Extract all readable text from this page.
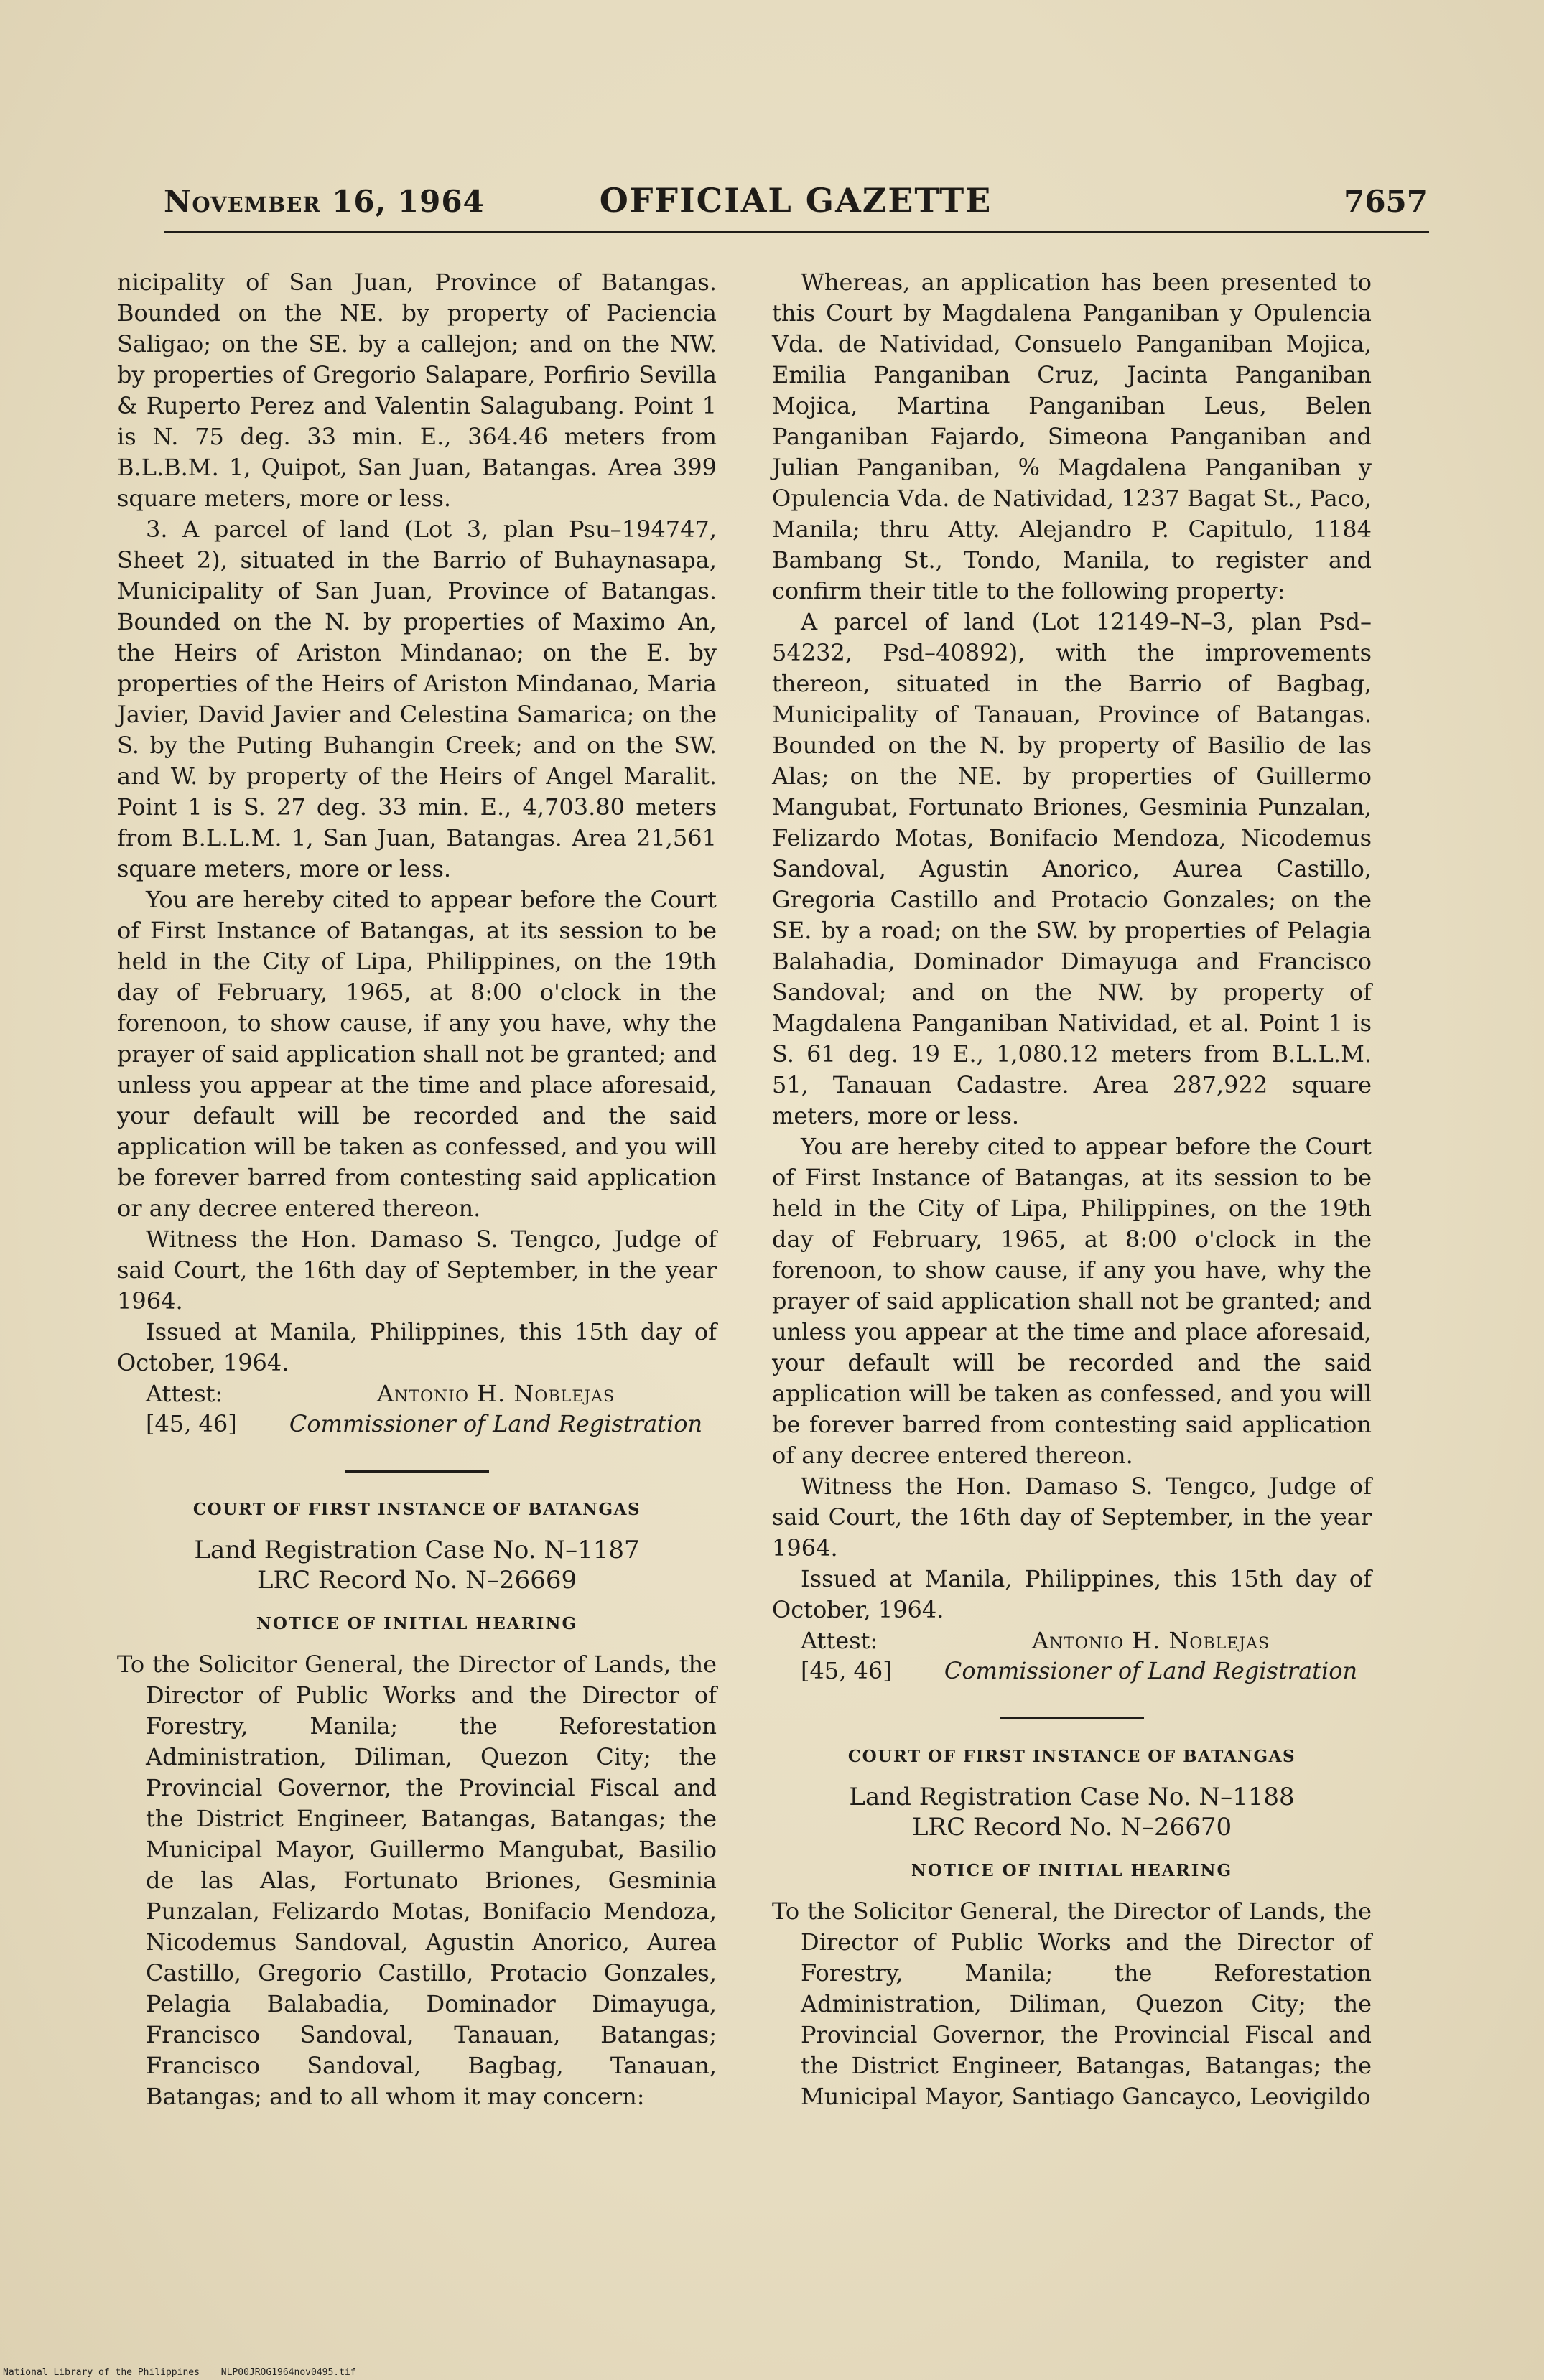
November 16, 1964	OFFICIAL GAZETTE	7657

nicipality of San Juan, Province of Batangas. Bounded on the NE. by property of Paciencia Saligao; on the SE. by a callejon; and on the NW. by properties of Gregorio Salapare, Porfirio Sevilla & Ruperto Perez and Valentin Salagubang. Point 1 is N. 75 deg. 33 min. E., 364.46 meters from B.L.B.M. 1, Quipot, San Juan, Batangas. Area 399 square meters, more or less.

3. A parcel of land (Lot 3, plan Psu–194747, Sheet 2), situated in the Barrio of Buhaynasapa, Municipality of San Juan, Province of Batangas. Bounded on the N. by properties of Maximo An, the Heirs of Ariston Mindanao; on the E. by properties of the Heirs of Ariston Mindanao, Maria Javier, David Javier and Celestina Samarica; on the S. by the Puting Buhangin Creek; and on the SW. and W. by property of the Heirs of Angel Maralit. Point 1 is S. 27 deg. 33 min. E., 4,703.80 meters from B.L.L.M. 1, San Juan, Batangas. Area 21,561 square meters, more or less.

You are hereby cited to appear before the Court of First Instance of Batangas, at its session to be held in the City of Lipa, Philippines, on the 19th day of February, 1965, at 8:00 o'clock in the forenoon, to show cause, if any you have, why the prayer of said application shall not be granted; and unless you appear at the time and place aforesaid, your default will be recorded and the said application will be taken as confessed, and you will be forever barred from contesting said application or any decree entered thereon.

Witness the Hon. Damaso S. Tengco, Judge of said Court, the 16th day of September, in the year 1964.

Issued at Manila, Philippines, this 15th day of October, 1964.

Attest:	Antonio H. Noblejas
[45, 46]	Commissioner of Land Registration
COURT OF FIRST INSTANCE OF BATANGAS
Land Registration Case No. N–1187
LRC Record No. N–26669
NOTICE OF INITIAL HEARING

To the Solicitor General, the Director of Lands, the Director of Public Works and the Director of Forestry, Manila; the Reforestation Administration, Diliman, Quezon City; the Provincial Governor, the Provincial Fiscal and the District Engineer, Batangas, Batangas; the Municipal Mayor, Guillermo Mangubat, Basilio de las Alas, Fortunato Briones, Gesminia Punzalan, Felizardo Motas, Bonifacio Mendoza, Nicodemus Sandoval, Agustin Anorico, Aurea Castillo, Gregorio Castillo, Protacio Gonzales, Pelagia Balabadia, Dominador Dimayuga, Francisco Sandoval, Tanauan, Batangas; Francisco Sandoval, Bagbag, Tanauan, Batangas; and to all whom it may concern:

Whereas, an application has been presented to this Court by Magdalena Panganiban y Opulencia Vda. de Natividad, Consuelo Panganiban Mojica, Emilia Panganiban Cruz, Jacinta Panganiban Mojica, Martina Panganiban Leus, Belen Panganiban Fajardo, Simeona Panganiban and Julian Panganiban, % Magdalena Panganiban y Opulencia Vda. de Natividad, 1237 Bagat St., Paco, Manila; thru Atty. Alejandro P. Capitulo, 1184 Bambang St., Tondo, Manila, to register and confirm their title to the following property:

A parcel of land (Lot 12149–N–3, plan Psd–54232, Psd–40892), with the improvements thereon, situated in the Barrio of Bagbag, Municipality of Tanauan, Province of Batangas. Bounded on the N. by property of Basilio de las Alas; on the NE. by properties of Guillermo Mangubat, Fortunato Briones, Gesminia Punzalan, Felizardo Motas, Bonifacio Mendoza, Nicodemus Sandoval, Agustin Anorico, Aurea Castillo, Gregoria Castillo and Protacio Gonzales; on the SE. by a road; on the SW. by properties of Pelagia Balahadia, Dominador Dimayuga and Francisco Sandoval; and on the NW. by property of Magdalena Panganiban Natividad, et al. Point 1 is S. 61 deg. 19 E., 1,080.12 meters from B.L.L.M. 51, Tanauan Cadastre. Area 287,922 square meters, more or less.

You are hereby cited to appear before the Court of First Instance of Batangas, at its session to be held in the City of Lipa, Philippines, on the 19th day of February, 1965, at 8:00 o'clock in the forenoon, to show cause, if any you have, why the prayer of said application shall not be granted; and unless you appear at the time and place aforesaid, your default will be recorded and the said application will be taken as confessed, and you will be forever barred from contesting said application of any decree entered thereon.

Witness the Hon. Damaso S. Tengco, Judge of said Court, the 16th day of September, in the year 1964.

Issued at Manila, Philippines, this 15th day of October, 1964.

Attest:	Antonio H. Noblejas
[45, 46]	Commissioner of Land Registration
COURT OF FIRST INSTANCE OF BATANGAS
Land Registration Case No. N–1188
LRC Record No. N–26670
NOTICE OF INITIAL HEARING

To the Solicitor General, the Director of Lands, the Director of Public Works and the Director of Forestry, Manila; the Reforestation Administration, Diliman, Quezon City; the Provincial Governor, the Provincial Fiscal and the District Engineer, Batangas, Batangas; the Municipal Mayor, Santiago Gancayco, Leovigildo

National Library of the Philippines NLP00JROG1964nov0495.tif
